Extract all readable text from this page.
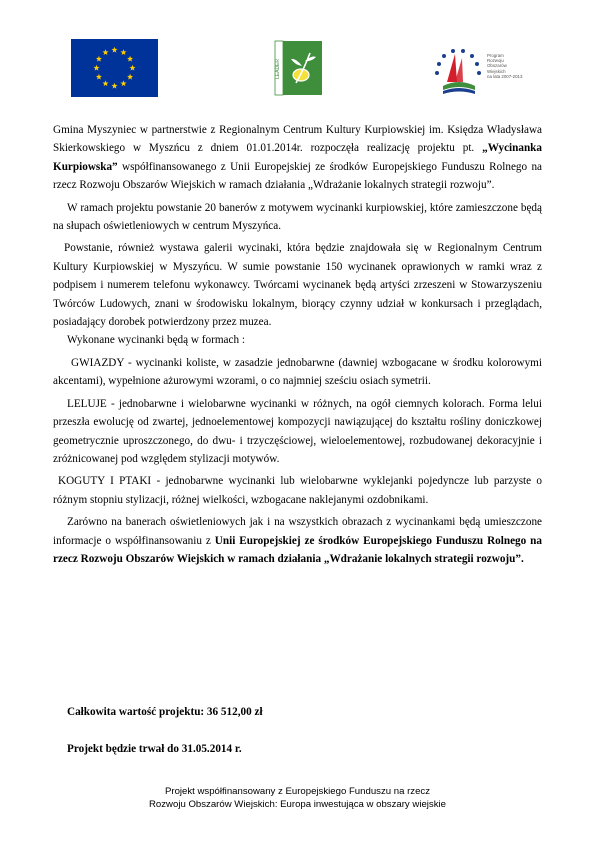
LEADER
Program
Rozwoju
Obszarów
Wiejskich
na lata 2007-2013

Gmina Myszyniec w partnerstwie z Regionalnym Centrum Kultury Kurpiowskiej im. Księdza Władysława Skierkowskiego w Myszńcu z dniem 01.01.2014r. rozpoczęła realizację projektu pt. „Wycinanka Kurpiowska” współfinansowanego z Unii Europejskiej ze środków Europejskiego Funduszu Rolnego na rzecz Rozwoju Obszarów Wiejskich w ramach działania „Wdrażanie lokalnych strategii rozwoju”.

W ramach projektu powstanie 20 banerów z motywem wycinanki kurpiowskiej, które zamieszczone będą na słupach oświetleniowych w centrum Myszyńca.

Powstanie, również wystawa galerii wycinaki, która będzie znajdowała się w Regionalnym Centrum Kultury Kurpiowskiej w Myszyńcu. W sumie powstanie 150 wycinanek oprawionych w ramki wraz z podpisem i numerem telefonu wykonawcy. Twórcami wycinanek będą artyści zrzeszeni w Stowarzyszeniu Twórców Ludowych, znani w środowisku lokalnym, biorący czynny udział w konkursach i przeglądach, posiadający dorobek potwierdzony przez muzea.

Wykonane wycinanki będą w formach :

GWIAZDY - wycinanki koliste, w zasadzie jednobarwne (dawniej wzbogacane w środku kolorowymi akcentami), wypełnione ażurowymi wzorami, o co najmniej sześciu osiach symetrii.

LELUJE - jednobarwne i wielobarwne wycinanki w różnych, na ogół ciemnych kolorach. Forma lelui przeszła ewolucję od zwartej, jednoelementowej kompozycji nawiązującej do kształtu rośliny doniczkowej geometrycznie uproszczonego, do dwu- i trzyczęściowej, wieloelementowej, rozbudowanej dekoracyjnie i zróżnicowanej pod względem stylizacji motywów.

KOGUTY I PTAKI - jednobarwne wycinanki lub wielobarwne wyklejanki pojedyncze lub parzyste o różnym stopniu stylizacji, różnej wielkości, wzbogacane naklejanymi ozdobnikami.

Zarówno na banerach oświetleniowych jak i na wszystkich obrazach z wycinankami będą umieszczone informacje o współfinansowaniu z Unii Europejskiej ze środków Europejskiego Funduszu Rolnego na rzecz Rozwoju Obszarów Wiejskich w ramach działania „Wdrażanie lokalnych strategii rozwoju”.

Całkowita wartość projektu: 36 512,00 zł
Projekt będzie trwał do 31.05.2014 r.
Projekt współfinansowany z Europejskiego Funduszu na rzecz
Rozwoju Obszarów Wiejskich: Europa inwestująca w obszary wiejskie
